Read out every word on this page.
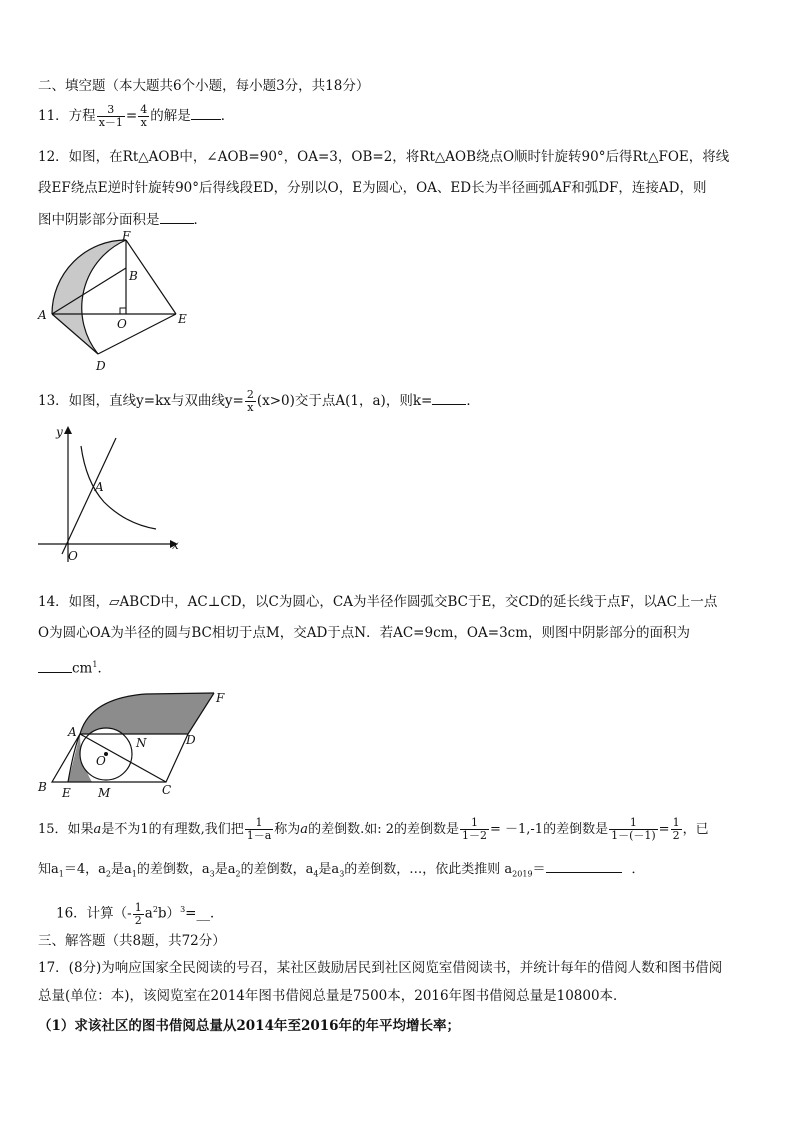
二、填空题（本大题共6个小题，每小题3分，共18分）
11．方程 $\frac{3}{x-1} = \frac{4}{x}$ 的解是 ．
12．如图，在Rt△AOB中，∠AOB=90°，OA=3，OB=2，将Rt△AOB绕点O顺时针旋转90°后得Rt△FOE，将线
段EF绕点E逆时针旋转90°后得线段ED，分别以O，E为圆心，OA、ED长为半径画弧AF和弧DF，连接AD，则
图中阴影部分面积是	．
F
B
A
O	E
D
13．如图，直线y=kx与双曲线$y= \frac{2}{x} (x>0)$交于点A(1，a)，则k=	．
y
x
A
O
14．如图，▱ABCD中，AC⊥CD，以C为圆心，CA为半径作圆弧交BC于E，交CD的延长线于点F，以AC上一点
O为圆心OA为半径的圆与BC相切于点M，交AD于点N．若AC=9cm，OA=3cm，则图中阴影部分的面积为
$cm^1$．
F
A
N	D
O
B E M	C
15．如果a是不为1的有理数,我们把 $\frac{1}{1-a}$ 称为a的差倒数.如: 2的差倒数是 $\frac{1}{1-2} = -1,-1$的差倒数是 $\frac{1}{1-(-1)} = \frac{1}{2}$ ，已
知$a_1=4$，$a_2$是$a_1$的差倒数，$a_3$是$a_2$的差倒数，$a_4$是$a_3$的差倒数，…，依此类推则 $a_{2019}=$	．
16．计算（- $\frac{1}{2}$ $a^2b)^3=\_\_$．
三、解答题（共8题，共72分）
17．(8分)为响应国家全民阅读的号召，某社区鼓励居民到社区阅览室借阅读书，并统计每年的借阅人数和图书借阅
总量(单位：本)，该阅览室在2014年图书借阅总量是7500本，2016年图书借阅总量是10800本．
（1）求该社区的图书借阅总量从2014年至2016年的年平均增长率；
